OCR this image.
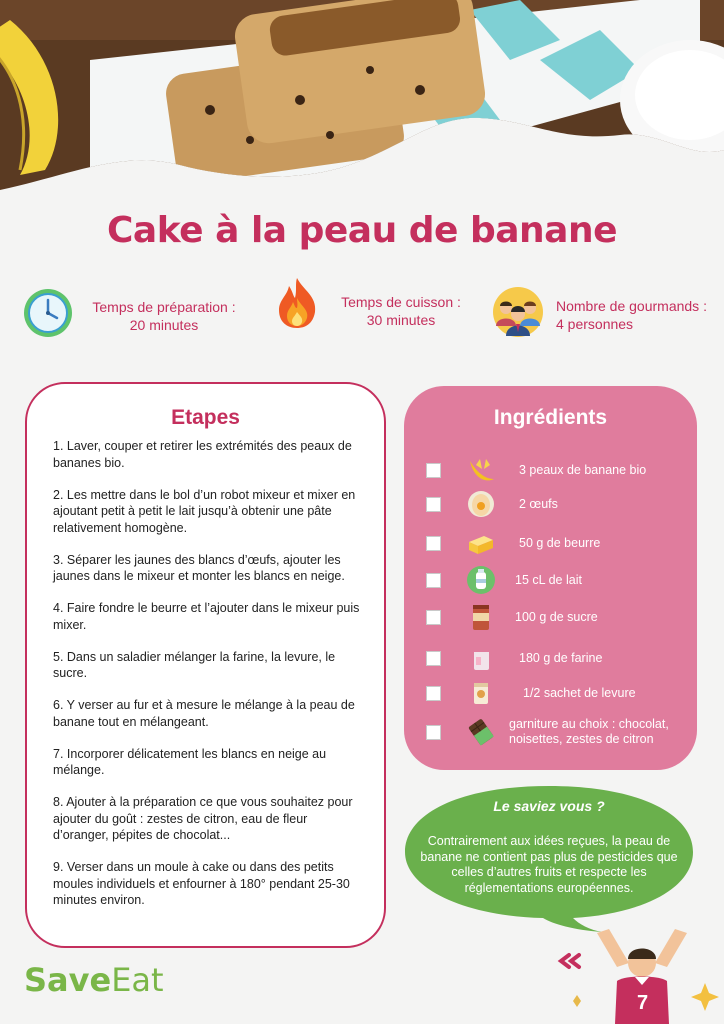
Cake à la peau de banane
Temps de préparation :
20 minutes
Temps de cuisson :
30 minutes
Nombre de gourmands :
4 personnes
Etapes

1. Laver, couper et retirer les extrémités des peaux de bananes bio.

2. Les mettre dans le bol d’un robot mixeur et mixer en ajoutant petit à petit le lait jusqu’à obtenir une pâte relativement homogène.

3. Séparer les jaunes des blancs d’œufs, ajouter les jaunes dans le mixeur et monter les blancs en neige.

4. Faire fondre le beurre et l’ajouter dans le mixeur puis mixer.

5. Dans un saladier mélanger la farine, la levure, le sucre.

6. Y verser au fur et à mesure le mélange à la peau de banane tout en mélangeant.

7. Incorporer délicatement les blancs en neige au mélange.

8. Ajouter à la préparation ce que vous souhaitez pour ajouter du goût : zestes de citron, eau de fleur d’oranger, pépites de chocolat...

9. Verser dans un moule à cake ou dans des petits moules individuels et enfourner à 180° pendant 25-30 minutes environ.

Ingrédients
3 peaux de banane bio
2 œufs
50 g de beurre
15 cL de lait
100 g de sucre
180 g de farine
1/2 sachet de levure
garniture au choix : chocolat, noisettes, zestes de citron
Le saviez vous ?
Contrairement aux idées reçues, la peau de banane ne contient pas plus de pesticides que celles d’autres fruits et respecte les réglementations européennes.
SaveEat
7
